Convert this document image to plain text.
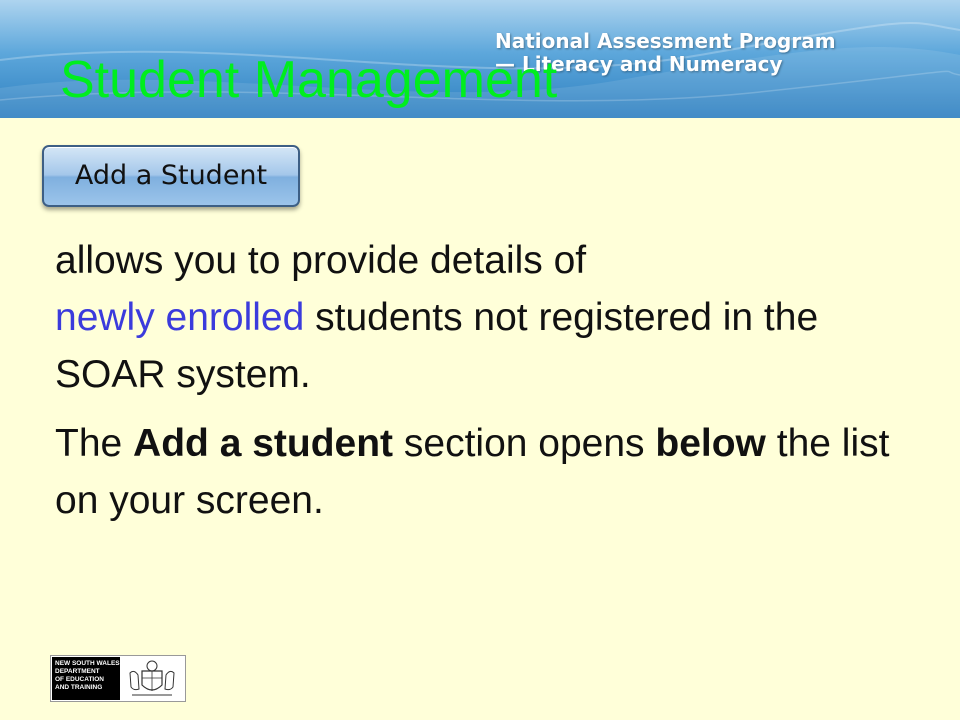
National Assessment Program
— Literacy and Numeracy
Student Management
Add a Student

allows you to provide details of
newly enrolled students not registered in the SOAR system.

The Add a student section opens below the list on your screen.

NEW SOUTH WALES
DEPARTMENT
OF EDUCATION
AND TRAINING
